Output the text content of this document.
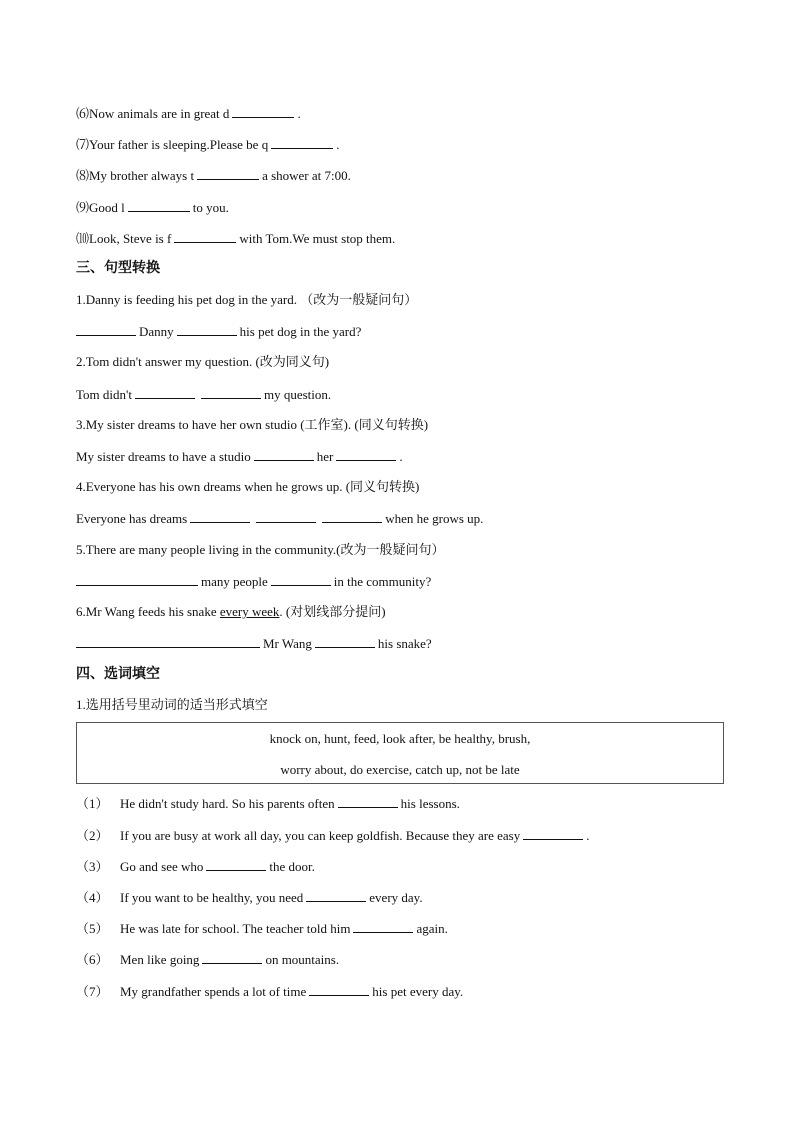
⑹Now animals are in great d	.
⑺Your father is sleeping.Please be q	.
⑻My brother always t	a shower at 7:00.
⑼Good l	to you.
⑽Look, Steve is f	with Tom.We must stop them.
三、句型转换
1.Danny is feeding his pet dog in the yard. （改为一般疑问句）
Danny	his pet dog in the yard?
2.Tom didn't answer my question. (改为同义句)
Tom didn't	my question.
3.My sister dreams to have her own studio (工作室). (同义句转换)
My sister dreams to have a studio	her	.
4.Everyone has his own dreams when he grows up. (同义句转换)
Everyone has dreams	when he grows up.
5.There are many people living in the community.(改为一般疑问句）
many people	in the community?
6.Mr Wang feeds his snake every week. (对划线部分提问)
Mr Wang	his snake?
四、选词填空
1.选用括号里动词的适当形式填空
knock on, hunt, feed, look after, be healthy, brush,
worry about, do exercise, catch up, not be late
（1） He didn't study hard. So his parents often	his lessons.
（2） If you are busy at work all day, you can keep goldfish. Because they are easy	.
（3） Go and see who	the door.
（4） If you want to be healthy, you need	every day.
（5） He was late for school. The teacher told him	again.
（6） Men like going	on mountains.
（7） My grandfather spends a lot of time	his pet every day.
